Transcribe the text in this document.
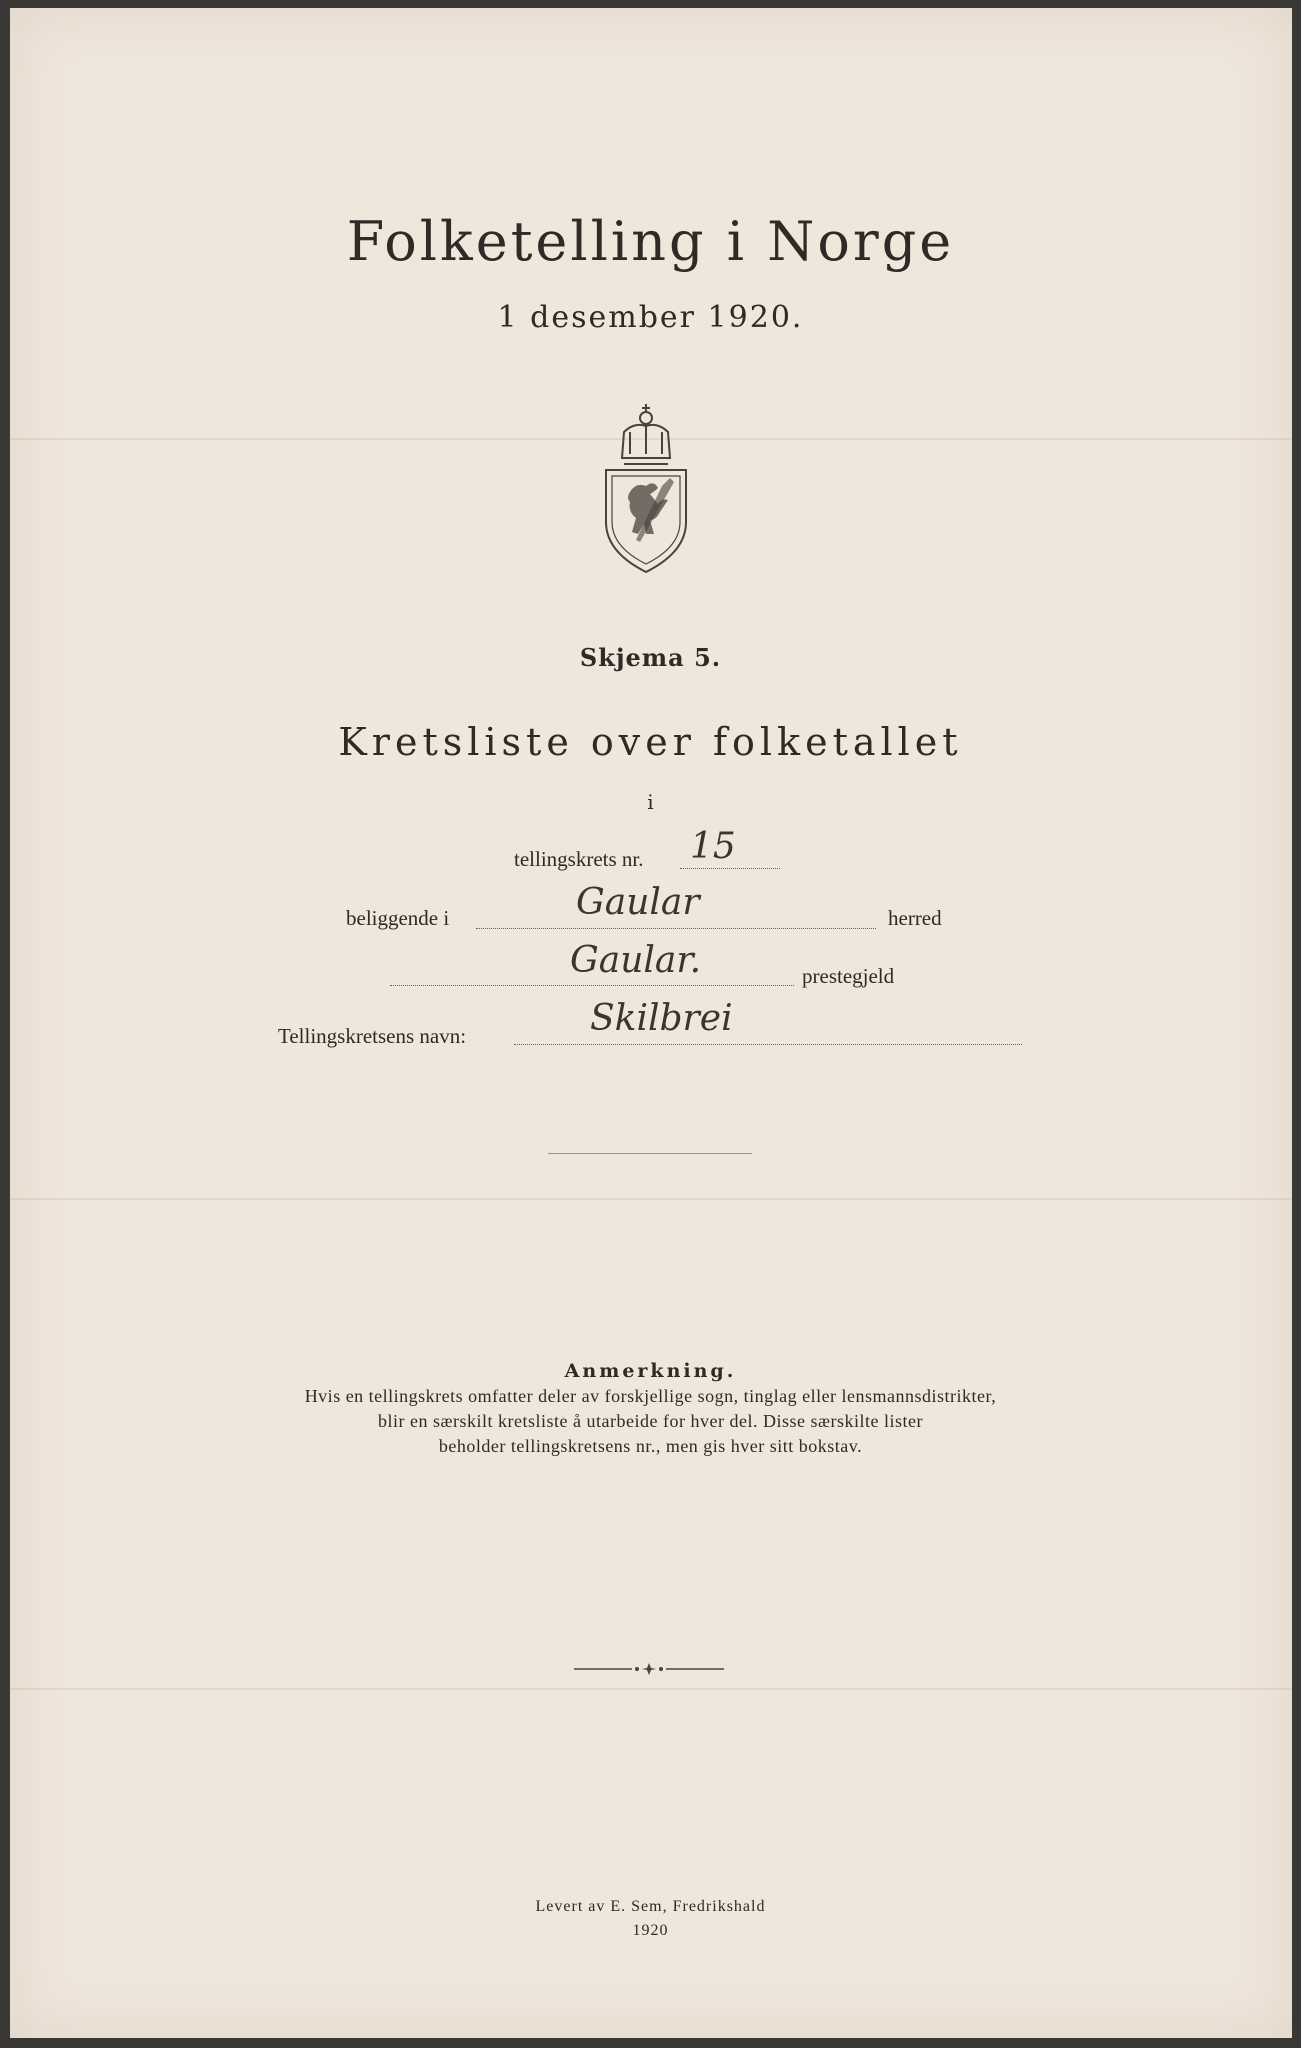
Folketelling i Norge
1 desember 1920.
Skjema 5.
Kretsliste over folketallet
i
tellingskrets nr. 15
beliggende i	Gaular	herred
Gaular.	prestegjeld
Tellingskretsens navn:	Skilbrei
Anmerkning.
Hvis en tellingskrets omfatter deler av forskjellige sogn, tinglag eller lensmannsdistrikter,
blir en særskilt kretsliste å utarbeide for hver del. Disse særskilte lister
beholder tellingskretsens nr., men gis hver sitt bokstav.
Levert av E. Sem, Fredrikshald
1920
